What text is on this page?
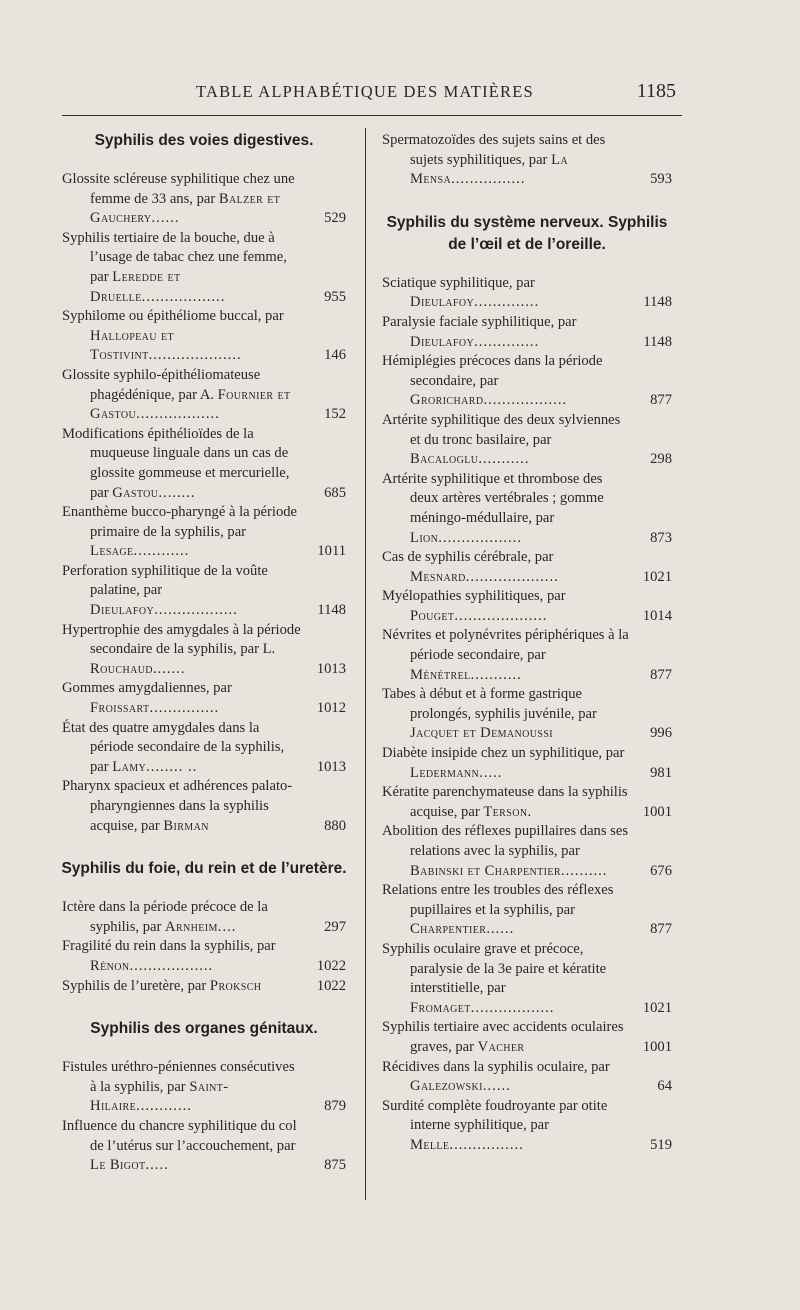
TABLE ALPHABÉTIQUE DES MATIÈRES	1185
Syphilis des voies digestives.
Glossite scléreuse syphilitique chez une femme de 33 ans, par Balzer et Gauchery......	529
Syphilis tertiaire de la bouche, due à l’usage de tabac chez une femme, par Leredde et Druelle..................	955
Syphilome ou épithéliome buccal, par Hallopeau et Tostivint....................	146
Glossite syphilo-épithéliomateuse phagédénique, par A. Fournier et Gastou..................	152
Modifications épithélioïdes de la muqueuse linguale dans un cas de glossite gommeuse et mercurielle, par Gastou........	685
Enanthème bucco-pharyngé à la période primaire de la syphilis, par Lesage............	1011
Perforation syphilitique de la voûte palatine, par Dieulafoy..................	1148
Hypertrophie des amygdales à la période secondaire de la syphilis, par L. Rouchaud.......	1013
Gommes amygdaliennes, par Froissart...............	1012
État des quatre amygdales dans la période secondaire de la syphilis, par Lamy........ ..	1013
Pharynx spacieux et adhérences palato-pharyngiennes dans la syphilis acquise, par Birman	880
Syphilis du foie, du rein et de l’uretère.
Ictère dans la période précoce de la syphilis, par Arnheim....	297
Fragilité du rein dans la syphilis, par Rénon..................	1022
Syphilis de l’uretère, par Proksch	1022
Syphilis des organes génitaux.
Fistules uréthro-péniennes consécutives à la syphilis, par Saint-Hilaire............	879
Influence du chancre syphilitique du col de l’utérus sur l’accouchement, par Le Bigot.....	875
Spermatozoïdes des sujets sains et des sujets syphilitiques, par La Mensa................	593
Syphilis du système nerveux. Syphilis de l’œil et de l’oreille.
Sciatique syphilitique, par Dieulafoy..............	1148
Paralysie faciale syphilitique, par Dieulafoy..............	1148
Hémiplégies précoces dans la période secondaire, par Grorichard..................	877
Artérite syphilitique des deux sylviennes et du tronc basilaire, par Bacaloglu...........	298
Artérite syphilitique et thrombose des deux artères vertébrales ; gomme méningo-médullaire, par Lion..................	873
Cas de syphilis cérébrale, par Mesnard....................	1021
Myélopathies syphilitiques, par Pouget....................	1014
Névrites et polynévrites périphériques à la période secondaire, par Ménétrel...........	877
Tabes à début et à forme gastrique prolongés, syphilis juvénile, par Jacquet et Demanoussi	996
Diabète insipide chez un syphilitique, par Ledermann.....	981
Kératite parenchymateuse dans la syphilis acquise, par Terson.	1001
Abolition des réflexes pupillaires dans ses relations avec la syphilis, par Babinski et Charpentier..........	676
Relations entre les troubles des réflexes pupillaires et la syphilis, par Charpentier......	877
Syphilis oculaire grave et précoce, paralysie de la 3e paire et kératite interstitielle, par Fromaget..................	1021
Syphilis tertiaire avec accidents oculaires graves, par Vacher	1001
Récidives dans la syphilis oculaire, par Galezowski......	64
Surdité complète foudroyante par otite interne syphilitique, par Melle................	519
